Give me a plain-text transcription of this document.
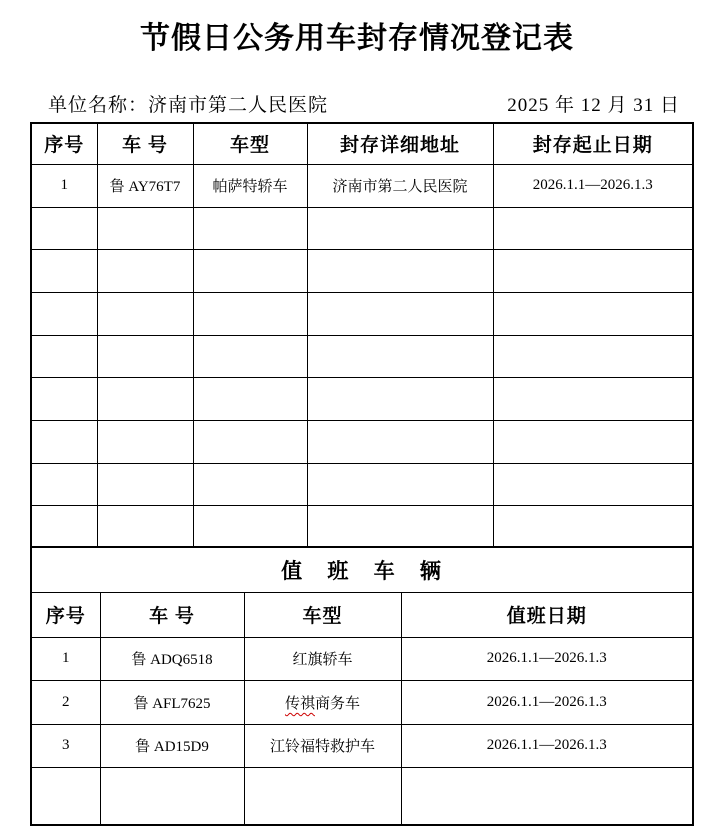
节假日公务用车封存情况登记表
单位名称：济南市第二人民医院	2025 年 12 月 31 日
序号	车 号	车型	封存详细地址	封存起止日期
1	鲁 AY76T7	帕萨特轿车	济南市第二人民医院	2026.1.1—2026.1.3

值 班 车 辆			
序号	车 号	车型	值班日期
1	鲁 ADQ6518	红旗轿车	2026.1.1—2026.1.3
2	鲁 AFL7625	传祺商务车	2026.1.1—2026.1.3
3	鲁 AD15D9	江铃福特救护车	2026.1.1—2026.1.3
